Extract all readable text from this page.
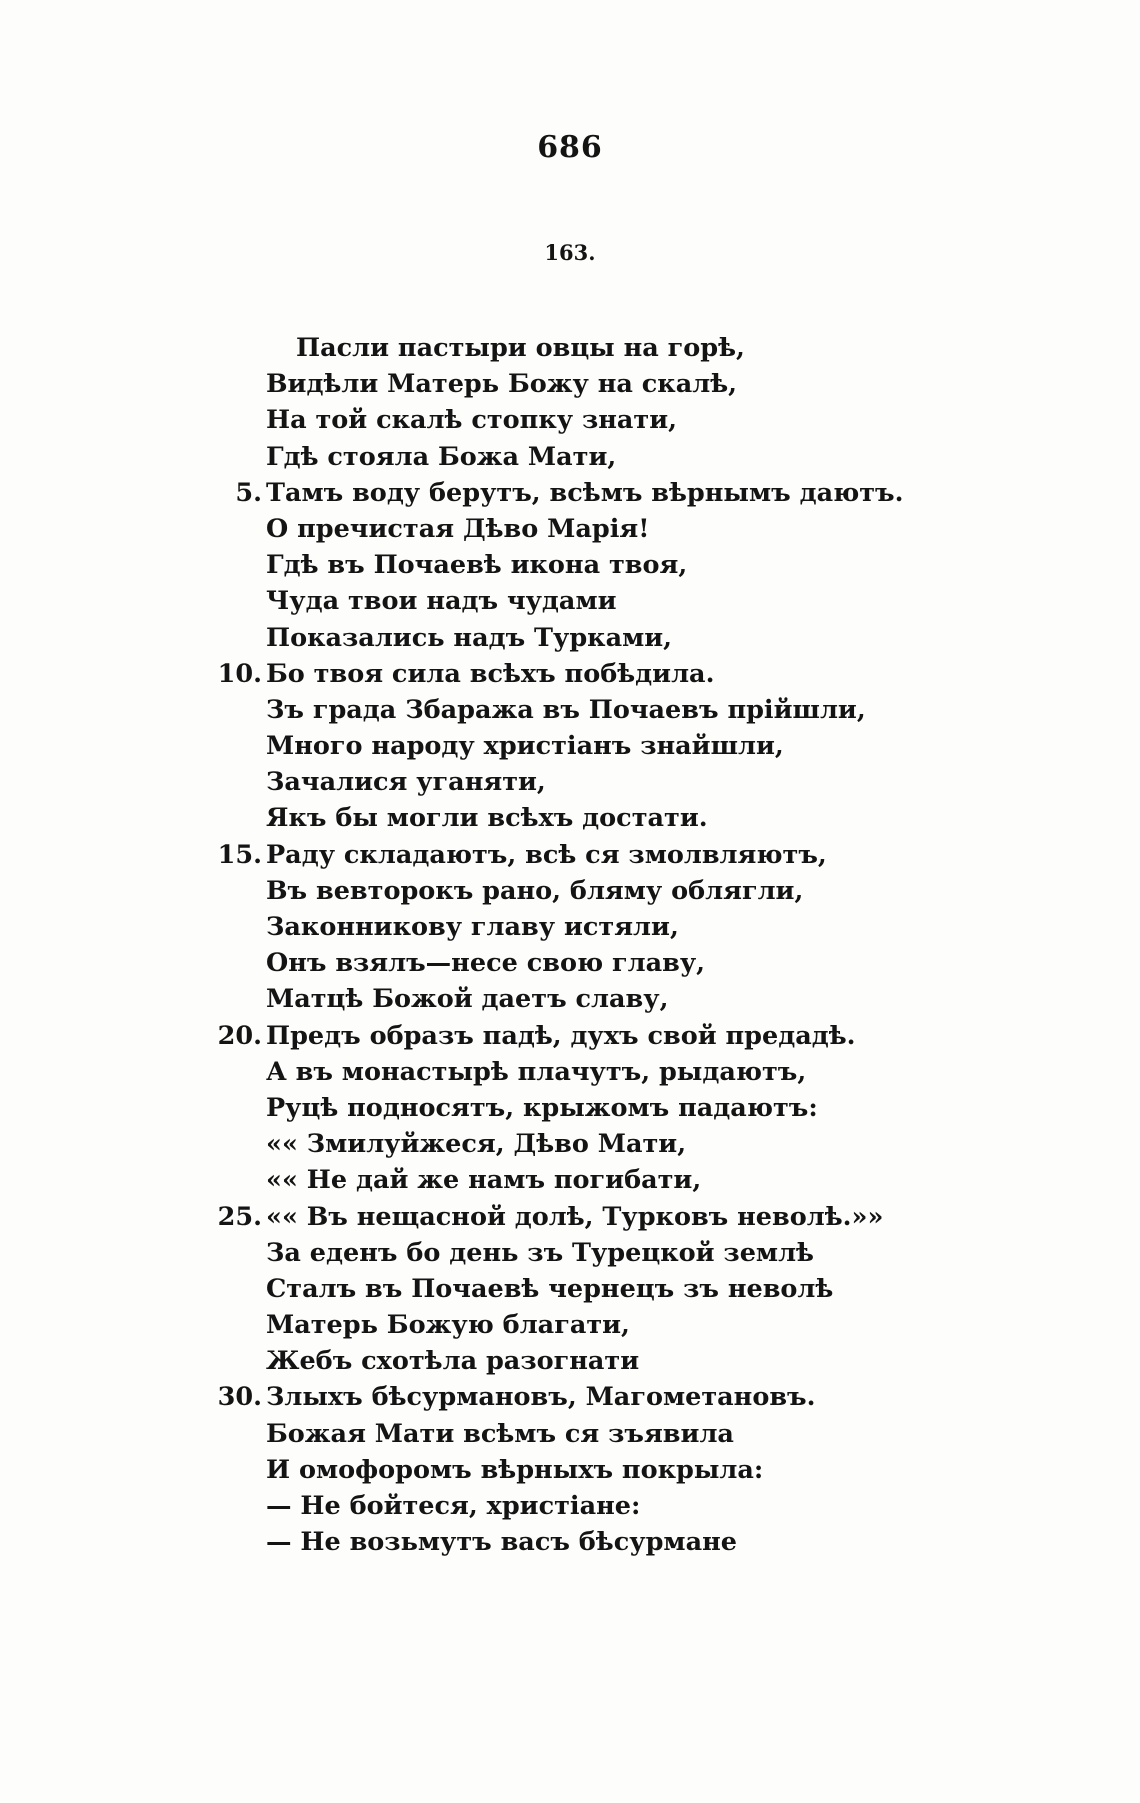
686
163.
Пасли пастыри овцы на горѣ,
Видѣли Матерь Божу на скалѣ,
На той скалѣ стопку знати,
Гдѣ стояла Божа Мати,
5. Тамъ воду берутъ, всѣмъ вѣрнымъ даютъ.
О пречистая Дѣво Марія!
Гдѣ въ Почаевѣ икона твоя,
Чуда твои надъ чудами
Показались надъ Турками,
10. Бо твоя сила всѣхъ побѣдила.
Зъ града Збаража въ Почаевъ прійшли,
Много народу христіанъ знайшли,
Зачалися уганяти,
Якъ бы могли всѣхъ достати.
15. Раду складаютъ, всѣ ся змолвляютъ,
Въ вевторокъ рано, бляму облягли,
Законникову главу истяли,
Онъ взялъ—несе свою главу,
Матцѣ Божой даетъ славу,
20. Предъ образъ падѣ, духъ свой предадѣ.
А въ монастырѣ плачутъ, рыдаютъ,
Руцѣ подносятъ, крыжомъ падаютъ:
«« Змилуйжеся, Дѣво Мати,
«« Не дай же намъ погибати,
25. «« Въ нещасной долѣ, Турковъ неволѣ.»»
За еденъ бо день зъ Турецкой землѣ
Сталъ въ Почаевѣ чернецъ зъ неволѣ
Матерь Божую благати,
Жебъ схотѣла разогнати
30. Злыхъ бѣсурмановъ, Магометановъ.
Божая Мати всѣмъ ся зъявила
И омофоромъ вѣрныхъ покрыла:
— Не бойтеся, христіане:
— Не возьмутъ васъ бѣсурмане
